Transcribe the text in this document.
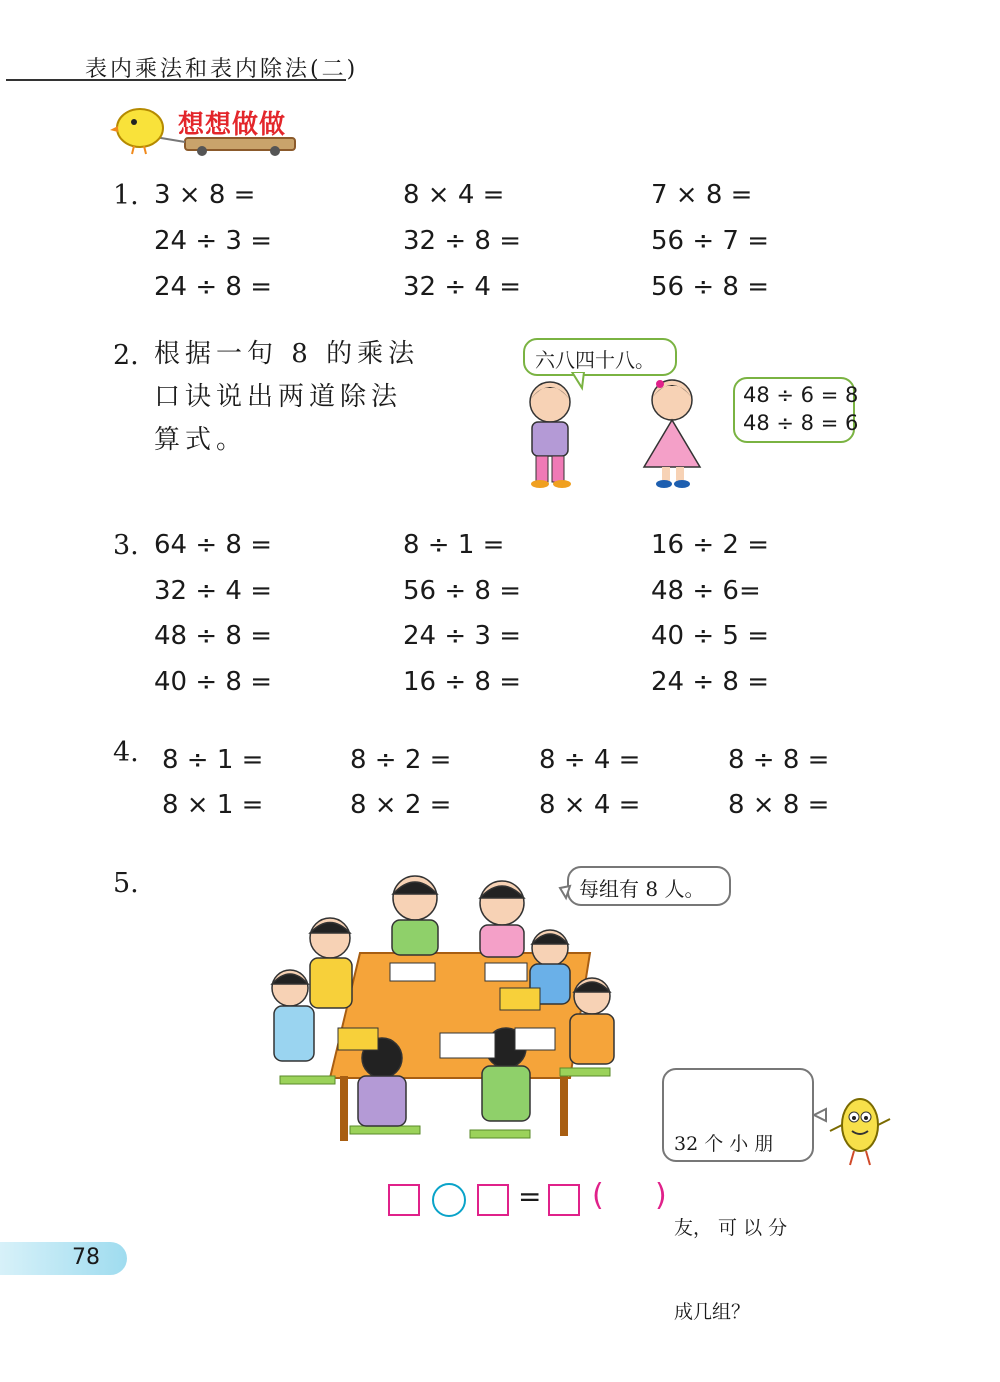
表内乘法和表内除法(二)
想想做做
1. 3 × 8 =	8 × 4 =	7 × 8 =
24 ÷ 3 =	32 ÷ 8 =	56 ÷ 7 =
24 ÷ 8 =	32 ÷ 4 =	56 ÷ 8 =
2. 根据一句 8 的乘法
口诀说出两道除法
算式。
六八四十八。
48 ÷ 6 = 8
48 ÷ 8 = 6
3. 64 ÷ 8 =	8 ÷ 1 =	16 ÷ 2 =
32 ÷ 4 =	56 ÷ 8 =	48 ÷ 6=
48 ÷ 8 =	24 ÷ 3 =	40 ÷ 5 =
40 ÷ 8 =	16 ÷ 8 =	24 ÷ 8 =
4. 8 ÷ 1 =	8 ÷ 2 =	8 ÷ 4 =	8 ÷ 8 =
8 × 1 =	8 × 2 =	8 × 4 =	8 × 8 =
5.	每组有 8 人。

32 个 小 朋

友， 可 以 分

成几组？

= ( )
78
